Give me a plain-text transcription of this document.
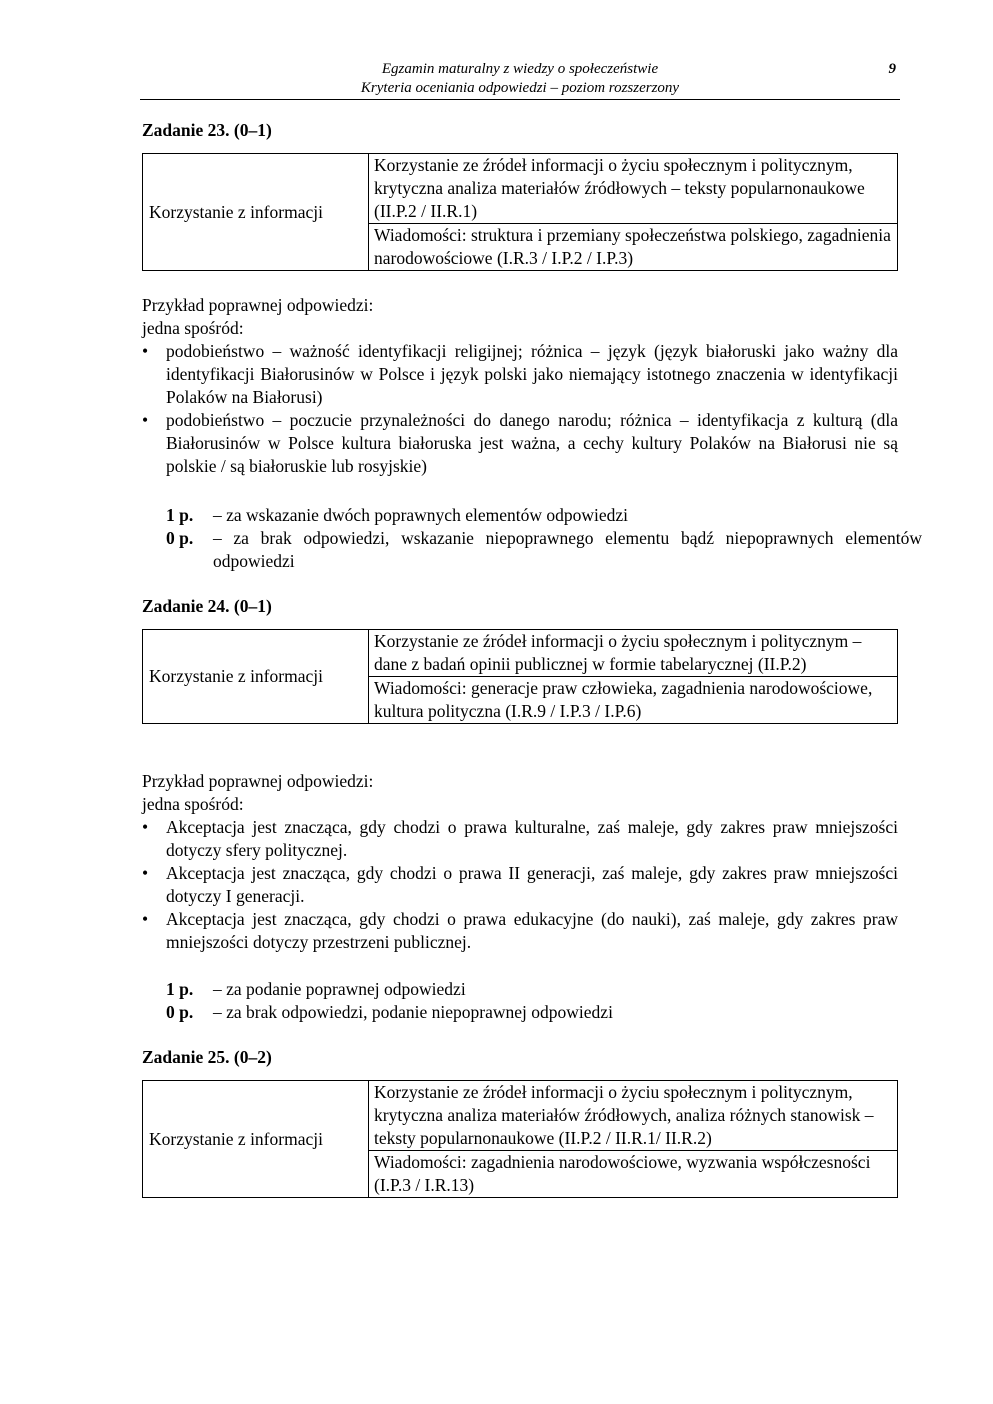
Egzamin maturalny z wiedzy o społeczeństwie
Kryteria oceniania odpowiedzi – poziom rozszerzony
9

Zadanie 23. (0–1)

Korzystanie z informacji	Korzystanie ze źródeł informacji o życiu społecznym i politycznym, krytyczna analiza materiałów źródłowych – teksty popularnonaukowe (II.P.2 / II.R.1)
Wiadomości: struktura i przemiany społeczeństwa polskiego, zagadnienia narodowościowe (I.R.3 / I.P.2 / I.P.3)

Przykład poprawnej odpowiedzi:

jedna spośród:

•	podobieństwo – ważność identyfikacji religijnej; różnica – język (język białoruski jako ważny dla identyfikacji Białorusinów w Polsce i język polski jako niemający istotnego znaczenia w identyfikacji Polaków na Białorusi)
•	podobieństwo – poczucie przynależności do danego narodu; różnica – identyfikacja z kulturą (dla Białorusinów w Polsce kultura białoruska jest ważna, a cechy kultury Polaków na Białorusi nie są polskie / są białoruskie lub rosyjskie)
1 p. – za wskazanie dwóch poprawnych elementów odpowiedzi
0 p. – za brak odpowiedzi, wskazanie niepoprawnego elementu bądź niepoprawnych elementów odpowiedzi

Zadanie 24. (0–1)

Korzystanie z informacji	Korzystanie ze źródeł informacji o życiu społecznym i politycznym – dane z badań opinii publicznej w formie tabelarycznej (II.P.2)
Wiadomości: generacje praw człowieka, zagadnienia narodowościowe, kultura polityczna (I.R.9 / I.P.3 / I.P.6)

Przykład poprawnej odpowiedzi:

jedna spośród:

•	Akceptacja jest znacząca, gdy chodzi o prawa kulturalne, zaś maleje, gdy zakres praw mniejszości dotyczy sfery politycznej.
•	Akceptacja jest znacząca, gdy chodzi o prawa II generacji, zaś maleje, gdy zakres praw mniejszości dotyczy I generacji.
•	Akceptacja jest znacząca, gdy chodzi o prawa edukacyjne (do nauki), zaś maleje, gdy zakres praw mniejszości dotyczy przestrzeni publicznej.
1 p. – za podanie poprawnej odpowiedzi
0 p. – za brak odpowiedzi, podanie niepoprawnej odpowiedzi

Zadanie 25. (0–2)

Korzystanie z informacji	Korzystanie ze źródeł informacji o życiu społecznym i politycznym, krytyczna analiza materiałów źródłowych, analiza różnych stanowisk – teksty popularnonaukowe (II.P.2 / II.R.1/ II.R.2)
Wiadomości: zagadnienia narodowościowe, wyzwania współczesności (I.P.3 / I.R.13)
